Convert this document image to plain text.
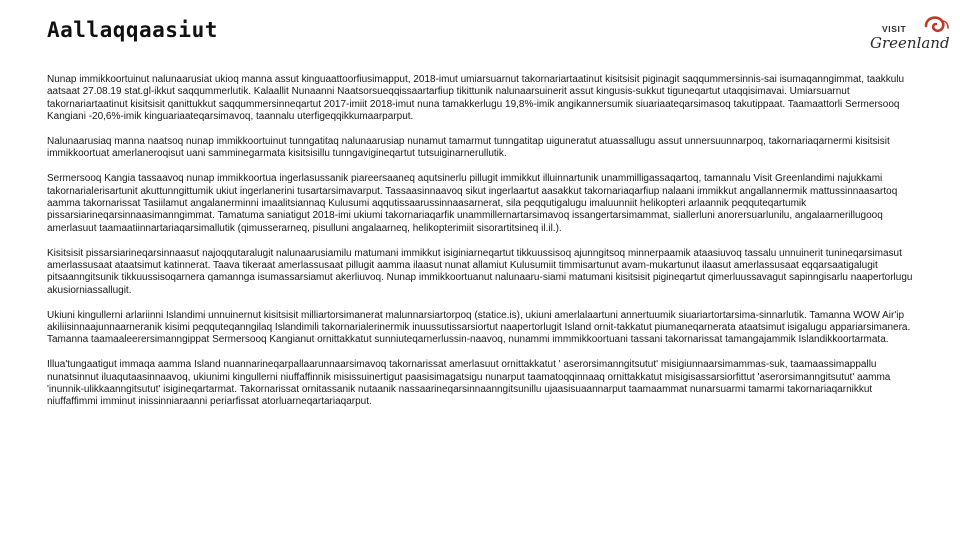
Aallaqqaasiut	VISIT
Greenland

Nunap immikkoortuinut nalunaarusiat ukioq manna assut kinguaattoorfiusimapput, 2018-imut umiarsuarnut takornariartaatinut kisitsisit piginagit saqqummersinnis-sai isumaqanngimmat, taakkulu aatsaat 27.08.19 stat.gl-ikkut saqqummerlutik. Kalaallit Nunaanni Naatsorsueqqissaartarfiup tikittunik nalunaarsuinerit assut kingusis-sukkut tiguneqartut utaqqisimavai. Umiarsuarnut takornariartaatinut kisitsisit qanittukkut saqqummersinneqartut 2017-imiit 2018-imut nuna tamakkerlugu 19,8%-imik angikannersumik siuariaateqarsimasoq takutippaat. Taamaattorli Sermersooq Kangiani -20,6%-imik kinguariaateqarsimavoq, taannalu uterfigeqqikkumaarparput.

Nalunaarusiaq manna naatsoq nunap immikkoortuinut tunngatitaq nalunaarusiap nunamut tamarmut tunngatitap uiguneratut atuassallugu assut unnersuunnarpoq, takornariaqarnermi kisitsisit immikkoortuat amerlaneroqisut uani samminegarmata kisitsisillu tunngavigineqartut tutsuiginarnerullutik.

Sermersooq Kangia tassaavoq nunap immikkoortua ingerlasussanik piareersaaneq aqutsinerlu pillugit immikkut illuinnartunik unammilligassaqartoq, tamannalu Visit Greenlandimi najukkami takornarialerisartunit akuttunngittumik ukiut ingerlanerini tusartarsimavarput. Tassaasinnaavoq sikut ingerlaartut aasakkut takornariaqarfiup nalaani immikkut angallannermik mattussinnaasartoq aamma takornarissat Tasiilamut angalanerminni imaalitsiannaq Kulusumi aqqutissaarussinnaasarnerat, sila peqqutigalugu imaluunniit helikopteri arlaannik peqquteqartumik pissarsiarineqarsinnaasimanngimmat. Tamatuma saniatigut 2018-imi ukiumi takornariaqarfik unammillernartarsimavoq issangertarsimammat, siallerluni anorersuarlunilu, angalaarnerillugooq amerlasuut taamaatiinnartariaqarsimallutik (qimusserarneq, pisulluni angalaarneq, helikopterimiit sisorartitsineq il.il.).

Kisitsisit pissarsiarineqarsinnaasut najoqqutaralugit nalunaarusiamilu matumani immikkut isiginiarneqartut tikkuussisoq ajunngitsoq minnerpaamik ataasiuvoq tassalu unnuinerit tunineqarsimasut amerlassusaat ataatsimut katinnerat. Taava tikeraat amerlassusaat pillugit aamma ilaasut nunat allamiut Kulusumiit timmisartunut avam-mukartunut ilaasut amerlassusaat eqqarsaatigalugit pitsaanngitsunik tikkuussisoqarnera qamannga isumassarsiamut akerliuvoq. Nunap immikkoortuanut nalunaaru-siami matumani kisitsisit pigineqartut qimerluussavagut sapinngisarlu naapertorlugu akusiorniassallugit.

Ukiuni kingullerni arlariinni Islandimi unnuinernut kisitsisit milliartorsimanerat malunnarsiartorpoq (statice.is), ukiuni amerlalaartuni annertuumik siuariartortarsima-sinnarlutik. Tamanna WOW Air'ip akiliisinnaajunnaarneranik kisimi peqquteqanngilaq Islandimili takornarialerinermik inuussutissarsiortut naapertorlugit Island ornit-takkatut piumaneqarnerata ataatsimut isigalugu appariarsimanera. Tamanna taamaaleerersimanngippat Sermersooq Kangianut ornittakkatut sunniuteqarnerlussin-naavoq, nunammi immmikkoortuani tassani takornarissat tamangajammik Islandikkoortarmata.

Illua'tungaatigut immaqa aamma Island nuannarineqarpallaarunnaarsimavoq takornarissat amerlasuut ornittakkatut ' aserorsimanngitsutut' misigiunnaarsimammas-suk, taamaassimappallu nunatsinnut iluaqutaasinnaavoq, ukiunimi kingullerni niuffaffinnik misissuinertigut paasisimagatsigu nunarput taamatoqqinnaaq ornittakkatut misigisassarsiorfittut 'aserorsimanngitsutut' aamma 'inunnik-ulikkaanngitsutut' isigineqartarmat. Takornarissat ornitassanik nutaanik nassaarineqarsinnaanngitsunillu ujaasisuaannarput taamaammat nunarsuarmi tamarmi takornariaqarnikkut niuffaffimmi imminut inissinniaraanni periarfissat atorluarneqartariaqarput.
